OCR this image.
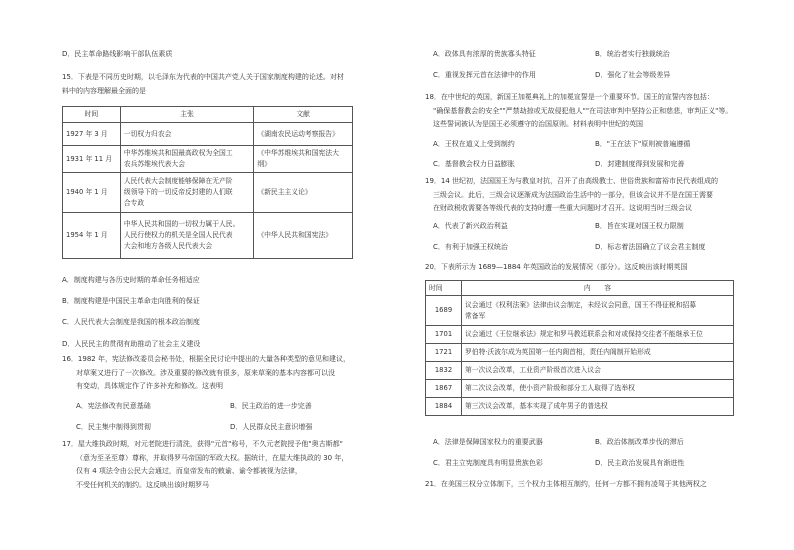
D．民主革命路线影响干部队伍素质
15．下表是不同历史时期，以毛泽东为代表的中国共产党人关于国家制度构建的论述。对材
料中的内容理解最全面的是
时间	主张	文献
1927 年 3 月	一切权力归农会	《湖南农民运动考察报告》
1931 年 11 月	中华苏维埃共和国最高政权为全国工
农兵苏维埃代表大会	《中华苏维埃共和国宪法大纲》
1940 年 1 月	人民代表大会制度能够保障在无产阶
级领导下的一切反帝反封建的人们联
合专政	《新民主主义论》
1954 年 1 月	中华人民共和国的一切权力属于人民。
人民行使权力的机关是全国人民代表
大会和地方各级人民代表大会	《中华人民共和国宪法》
A．制度构建与各历史时期的革命任务相适应
B．制度构建是中国民主革命走向胜利的保证
C．人民代表大会制度是我国的根本政治制度
D．人民民主的贯彻有助推动了社会主义建设
16．1982 年，宪法修改委员会秘书处，根据全民讨论中提出的大量各种类型的意见和建议，
对草案又进行了一次修改。涉及重要的修改就有很多，原来草案的基本内容都可以没
有变动，具体规定作了许多补充和修改。这表明
A．宪法修改有民意基础	B．民主政治的进一步完善
C．民主集中制得到贯彻	D．人民群众民主意识增强
17．屋大维执政时期，对元老院进行清洗，获得"元首"称号，不久元老院授予他"奥古斯都"
（意为至圣至尊）尊称，并取得罗马帝国的军政大权。据统计，在屋大维执政的 30 年，
仅有 4 项法令由公民大会通过，而皇帝发布的敕谕、谕令都被视为法律，
不受任何机关的制约。这反映出该时期罗马
A．政体具有浓厚的贵族寡头特征	B．统治者实行独裁统治
C．重视发挥元首在法律中的作用	D．强化了社会等级差异
18．在中世纪的英国，新国王加冕典礼上的加冕宣誓是一个重要环节。国王的宣誓内容包括：
"确保基督教会的安全""严禁劫掠或无故侵犯他人""在司法审判中坚持公正和慈悲，审判正义"等。
这些誓词被认为是国王必须遵守的治国原则。材料表明中世纪的英国
A．王权在道义上受到制约	B．"王在法下"原则被普遍遵循
C．基督教会权力日益膨胀	D．封建制度得到发展和完善
19．14 世纪初，法国国王为与教皇对抗，召开了由高级教士、世俗贵族和富裕市民代表组成的
三级会议。此后，三级会议逐渐成为法国政治生活中的一部分，但该会议并不是在国王需要
在财政税收需要各等级代表的支持时遭一些重大问题时才召开。这说明当时三级会议
A．代表了新兴政治利益	B．旨在实现对国王权力限制
C．有利于加强王权统治	D．标志着法国确立了议会君主制度
20．下表所示为 1689—1884 年英国政治的发展情况（部分）。这反映出该时期英国
时间	内　　容
1689	议会通过《权利法案》法律由议会制定，未经议会同意，国王不得征税和招募
常备军

1701	议会通过《王位继承法》规定和罗马教廷联系会和对或保持交往者不能继承王位
1721	罗伯特·沃波尔成为英国第一任内阁首相，责任内阁制开始形成
1832	第一次议会改革，工业资产阶级首次进入议会
1867	第二次议会改革，使小资产阶级和部分工人取得了选举权
1884	第三次议会改革，基本实现了成年男子的普选权
A．法律是保障国家权力的重要武器	B．政治体制改革步伐的滞后
C．君主立宪制度具有明显贵族色彩	D．民主政治发展具有渐进性
21．在美国三权分立体制下，三个权力主体相互制约，任何一方都不拥有凌驾于其他两权之
